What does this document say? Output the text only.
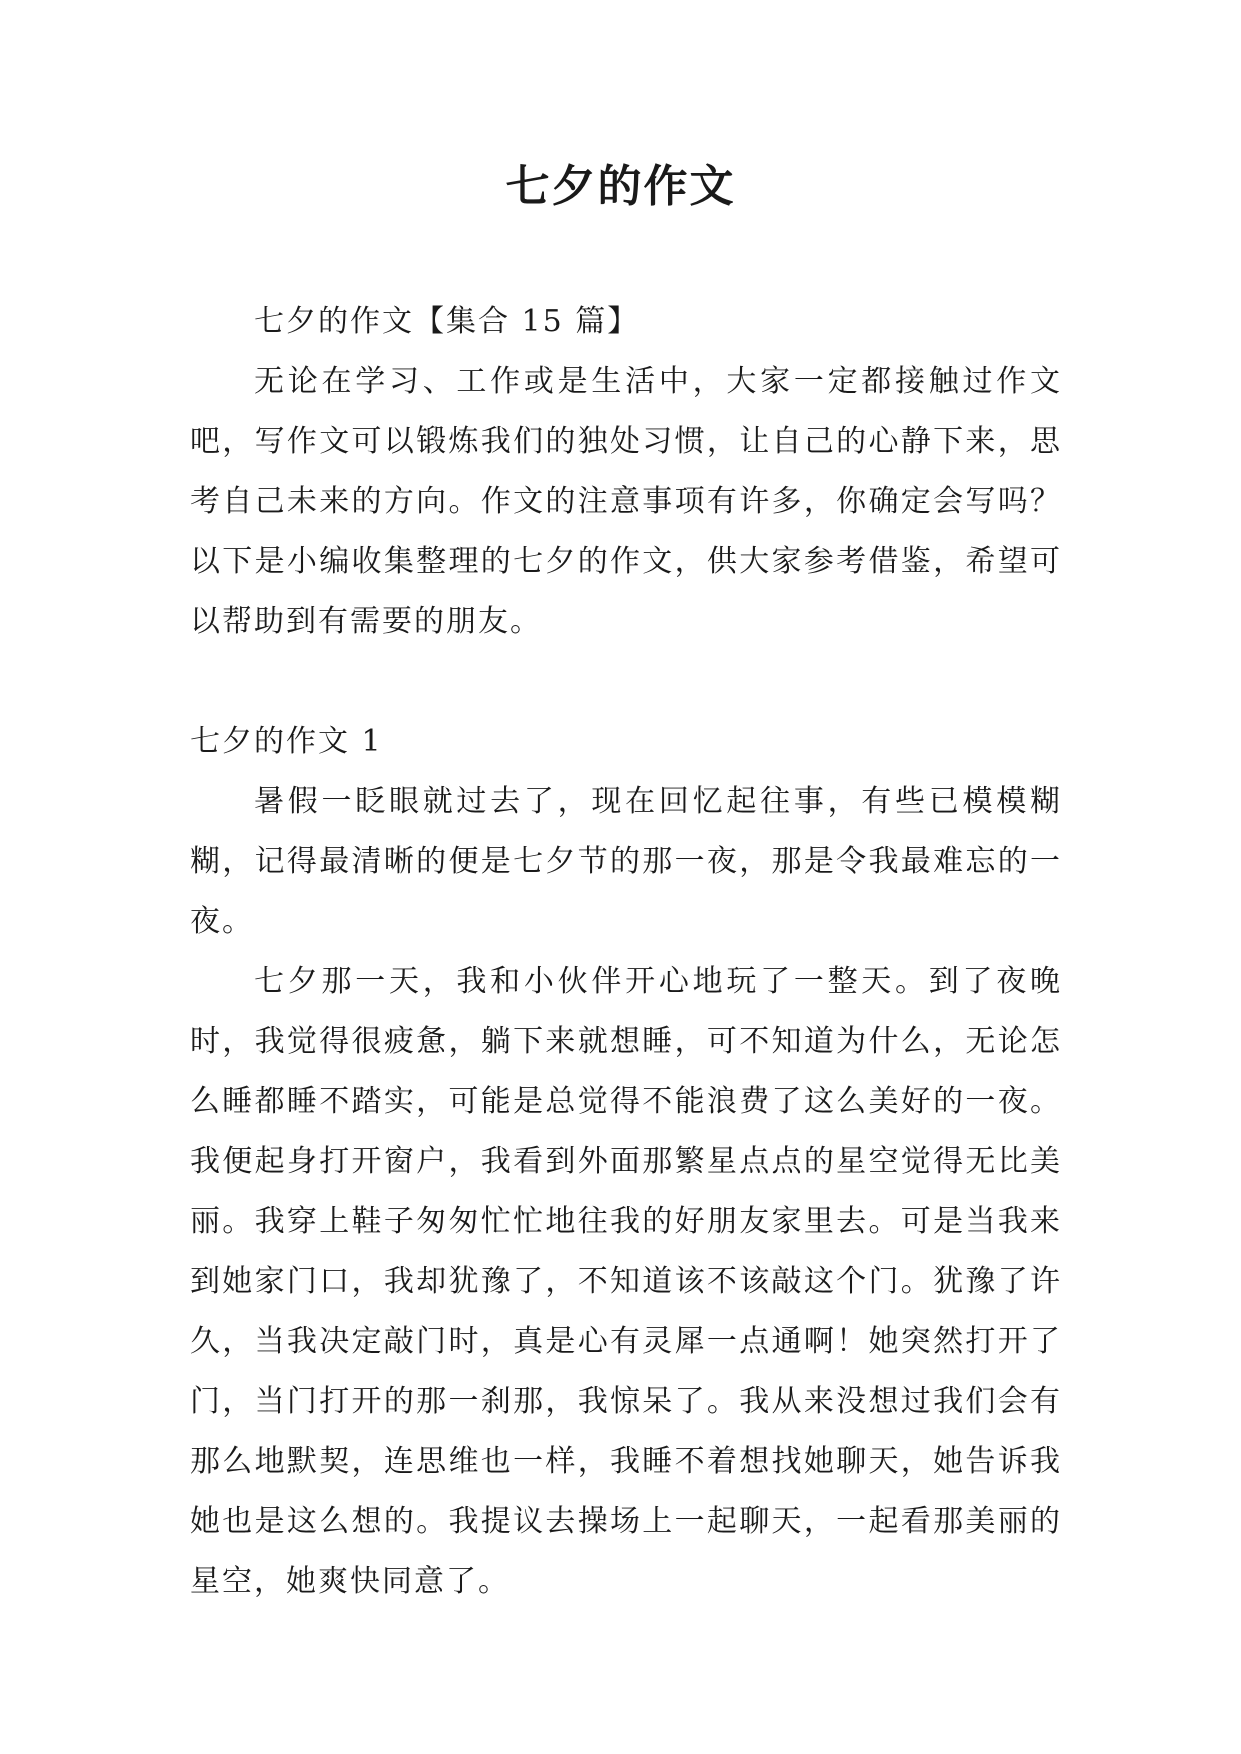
七夕的作文

七夕的作文【集合 15 篇】

无论在学习、工作或是生活中，大家一定都接触过作文吧，写作文可以锻炼我们的独处习惯，让自己的心静下来，思考自己未来的方向。作文的注意事项有许多，你确定会写吗？以下是小编收集整理的七夕的作文，供大家参考借鉴，希望可以帮助到有需要的朋友。

七夕的作文 1

暑假一眨眼就过去了，现在回忆起往事，有些已模模糊糊，记得最清晰的便是七夕节的那一夜，那是令我最难忘的一夜。

七夕那一天，我和小伙伴开心地玩了一整天。到了夜晚时，我觉得很疲惫，躺下来就想睡，可不知道为什么，无论怎么睡都睡不踏实，可能是总觉得不能浪费了这么美好的一夜。我便起身打开窗户，我看到外面那繁星点点的星空觉得无比美丽。我穿上鞋子匆匆忙忙地往我的好朋友家里去。可是当我来到她家门口，我却犹豫了，不知道该不该敲这个门。犹豫了许久，当我决定敲门时，真是心有灵犀一点通啊！她突然打开了门，当门打开的那一刹那，我惊呆了。我从来没想过我们会有那么地默契，连思维也一样，我睡不着想找她聊天，她告诉我她也是这么想的。我提议去操场上一起聊天，一起看那美丽的星空，她爽快同意了。
